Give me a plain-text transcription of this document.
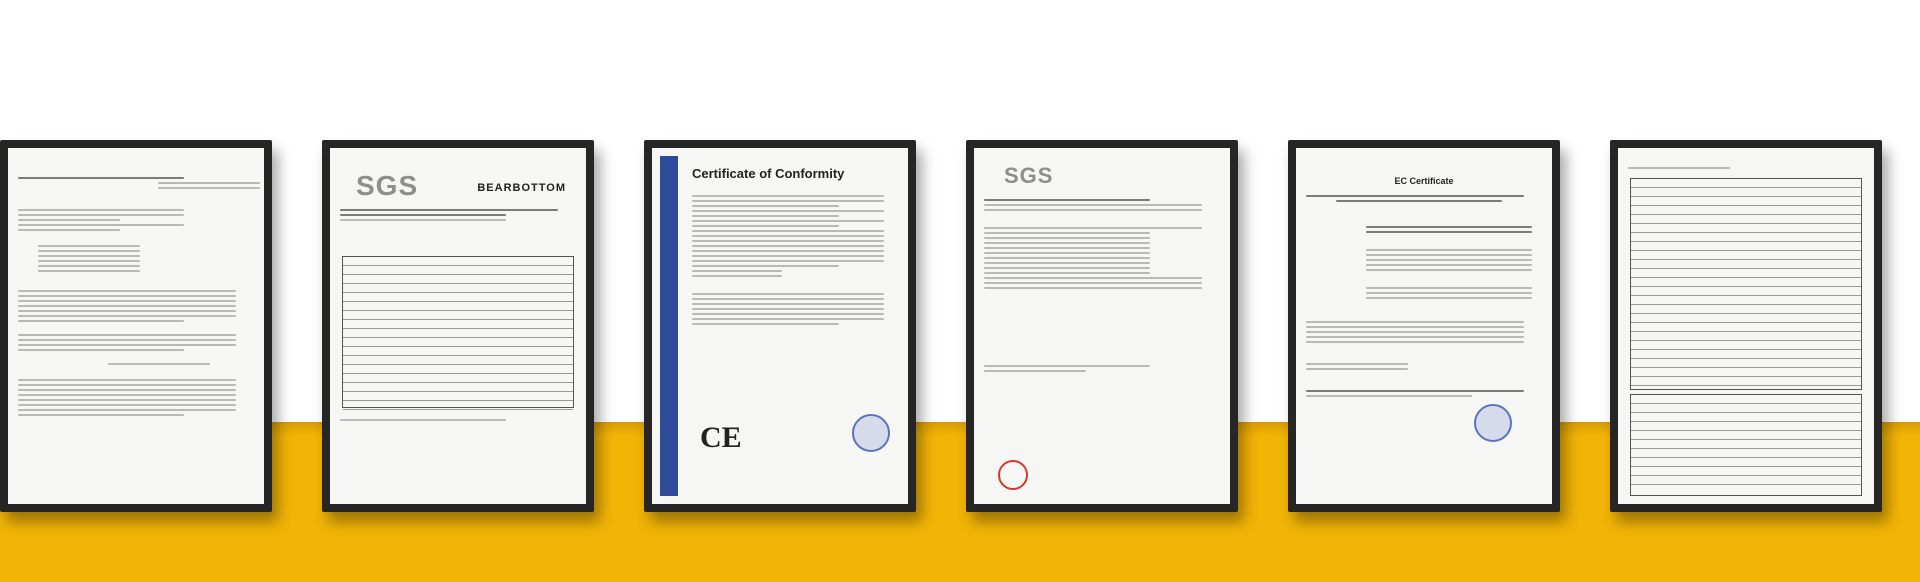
SGS	BEARBOTTOM
Certificate of Conformity
CE
SGS	EC Certificate
